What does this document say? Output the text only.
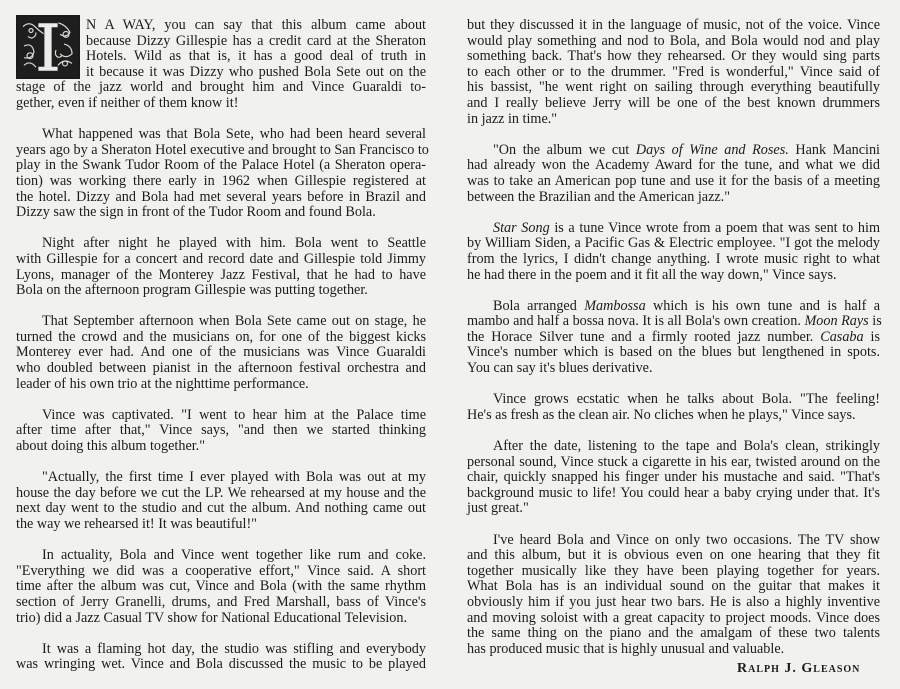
N A WAY, you can say that this album came about
because Dizzy Gillespie has a credit card at the Sheraton
Hotels. Wild as that is, it has a good deal of truth in
it because it was Dizzy who pushed Bola Sete out on the
stage of the jazz world and brought him and Vince Guaraldi to-
gether, even if neither of them know it!
What happened was that Bola Sete, who had been heard several
years ago by a Sheraton Hotel executive and brought to San Francisco to
play in the Swank Tudor Room of the Palace Hotel (a Sheraton opera-
tion) was working there early in 1962 when Gillespie registered at
the hotel. Dizzy and Bola had met several years before in Brazil and
Dizzy saw the sign in front of the Tudor Room and found Bola.
Night after night he played with him. Bola went to Seattle
with Gillespie for a concert and record date and Gillespie told Jimmy
Lyons, manager of the Monterey Jazz Festival, that he had to have
Bola on the afternoon program Gillespie was putting together.
That September afternoon when Bola Sete came out on stage, he
turned the crowd and the musicians on, for one of the biggest kicks
Monterey ever had. And one of the musicians was Vince Guaraldi
who doubled between pianist in the afternoon festival orchestra and
leader of his own trio at the nighttime performance.
Vince was captivated. "I went to hear him at the Palace time
after time after that," Vince says, "and then we started thinking
about doing this album together."
"Actually, the first time I ever played with Bola was out at my
house the day before we cut the LP. We rehearsed at my house and the
next day went to the studio and cut the album. And nothing came out
the way we rehearsed it! It was beautiful!"
In actuality, Bola and Vince went together like rum and coke.
"Everything we did was a cooperative effort," Vince said. A short
time after the album was cut, Vince and Bola (with the same rhythm
section of Jerry Granelli, drums, and Fred Marshall, bass of Vince's
trio) did a Jazz Casual TV show for National Educational Television.
It was a flaming hot day, the studio was stifling and everybody
was wringing wet. Vince and Bola discussed the music to be played
but they discussed it in the language of music, not of the voice. Vince
would play something and nod to Bola, and Bola would nod and play
something back. That's how they rehearsed. Or they would sing parts
to each other or to the drummer. "Fred is wonderful," Vince said of
his bassist, "he went right on sailing through everything beautifully
and I really believe Jerry will be one of the best known drummers
in jazz in time."
"On the album we cut Days of Wine and Roses. Hank Mancini
had already won the Academy Award for the tune, and what we did
was to take an American pop tune and use it for the basis of a meeting
between the Brazilian and the American jazz."
Star Song is a tune Vince wrote from a poem that was sent to him
by William Siden, a Pacific Gas & Electric employee. "I got the melody
from the lyrics, I didn't change anything. I wrote music right to what
he had there in the poem and it fit all the way down," Vince says.
Bola arranged Mambossa which is his own tune and is half a
mambo and half a bossa nova. It is all Bola's own creation. Moon Rays is
the Horace Silver tune and a firmly rooted jazz number. Casaba is
Vince's number which is based on the blues but lengthened in spots.
You can say it's blues derivative.
Vince grows ecstatic when he talks about Bola. "The feeling!
He's as fresh as the clean air. No cliches when he plays," Vince says.
After the date, listening to the tape and Bola's clean, strikingly
personal sound, Vince stuck a cigarette in his ear, twisted around on the
chair, quickly snapped his finger under his mustache and said. "That's
background music to life! You could hear a baby crying under that. It's
just great."
I've heard Bola and Vince on only two occasions. The TV show
and this album, but it is obvious even on one hearing that they fit
together musically like they have been playing together for years.
What Bola has is an individual sound on the guitar that makes it
obviously him if you just hear two bars. He is also a highly inventive
and moving soloist with a great capacity to project moods. Vince does
the same thing on the piano and the amalgam of these two talents
has produced music that is highly unusual and valuable.
Ralph J. Gleason
